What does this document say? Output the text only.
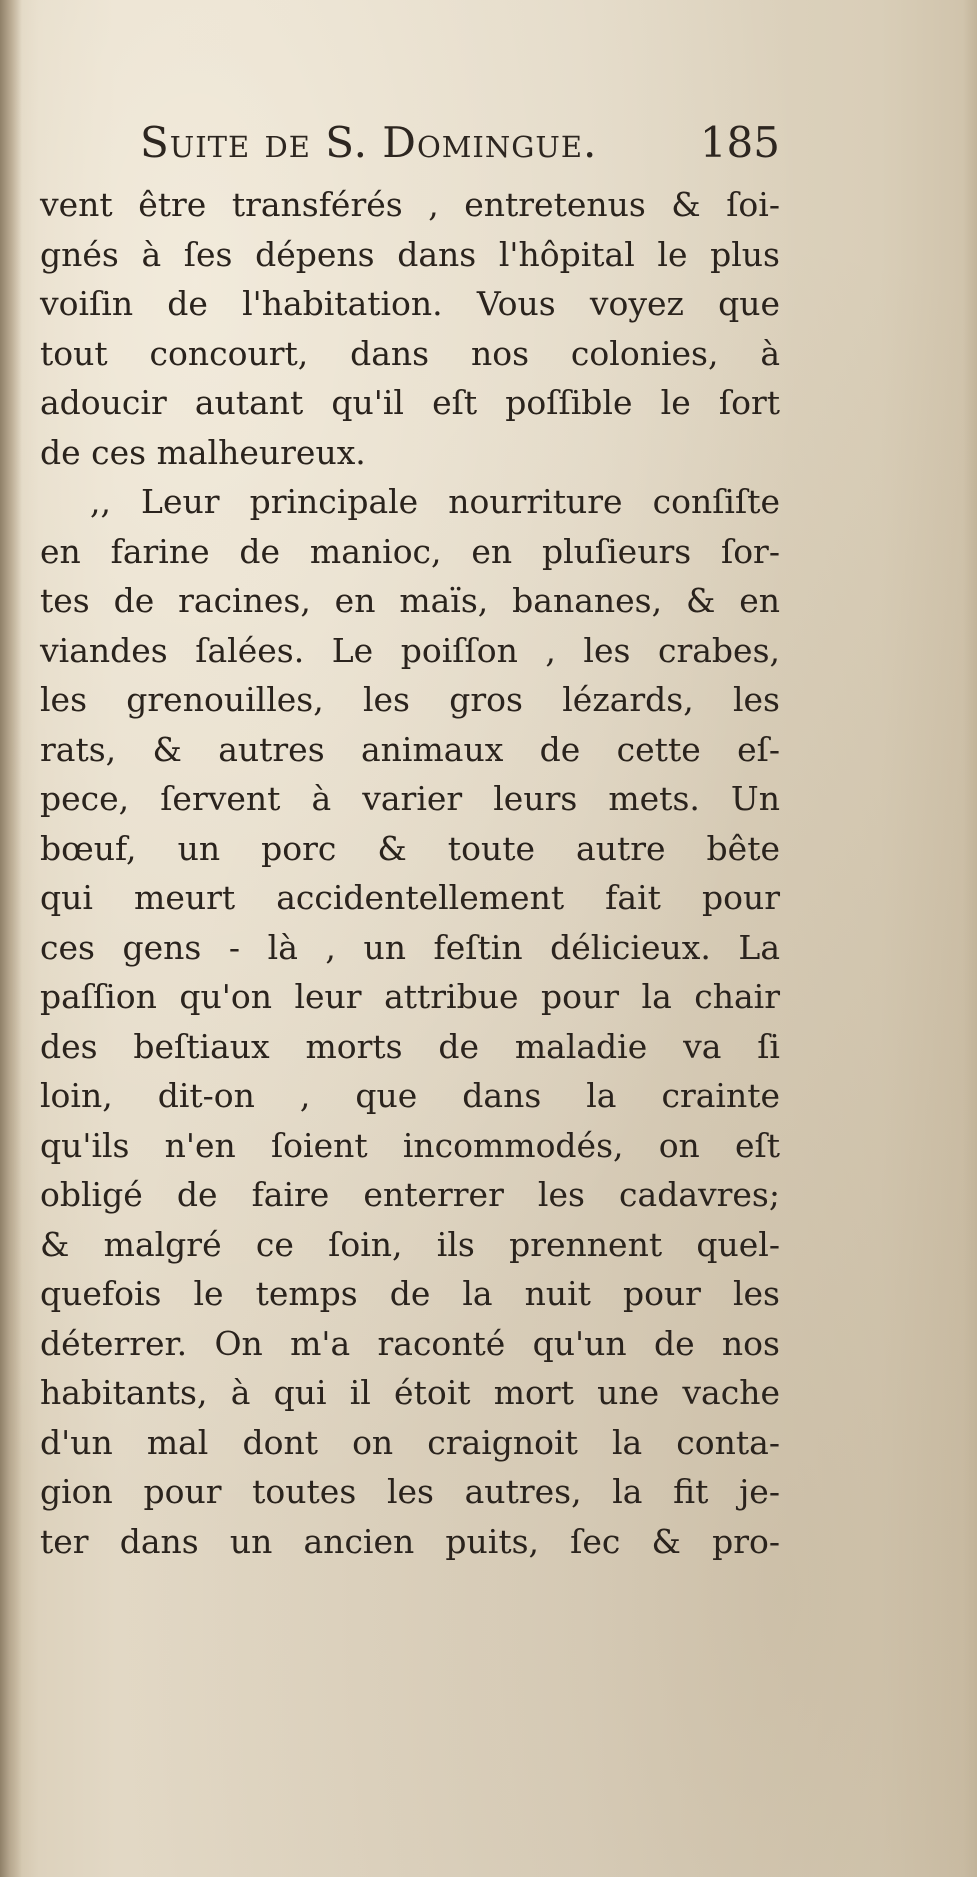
Suite de S. Domingue. 185
vent être transférés , entretenus & ſoi-
gnés à ſes dépens dans l'hôpital le plus
voiſin de l'habitation. Vous voyez que
tout concourt, dans nos colonies, à
adoucir autant qu'il eſt poſſible le ſort
de ces malheureux.
,, Leur principale nourriture conſiſte
en farine de manioc, en pluſieurs ſor-
tes de racines, en maïs, bananes, & en
viandes ſalées. Le poiſſon , les crabes,
les grenouilles, les gros lézards, les
rats, & autres animaux de cette eſ-
pece, ſervent à varier leurs mets. Un
bœuf, un porc & toute autre bête
qui meurt accidentellement fait pour
ces gens - là , un feſtin délicieux. La
paſſion qu'on leur attribue pour la chair
des beſtiaux morts de maladie va ſi
loin, dit-on , que dans la crainte
qu'ils n'en ſoient incommodés, on eſt
obligé de faire enterrer les cadavres;
& malgré ce ſoin, ils prennent quel-
quefois le temps de la nuit pour les
déterrer. On m'a raconté qu'un de nos
habitants, à qui il étoit mort une vache
d'un mal dont on craignoit la conta-
gion pour toutes les autres, la fit je-
ter dans un ancien puits, ſec & pro-
